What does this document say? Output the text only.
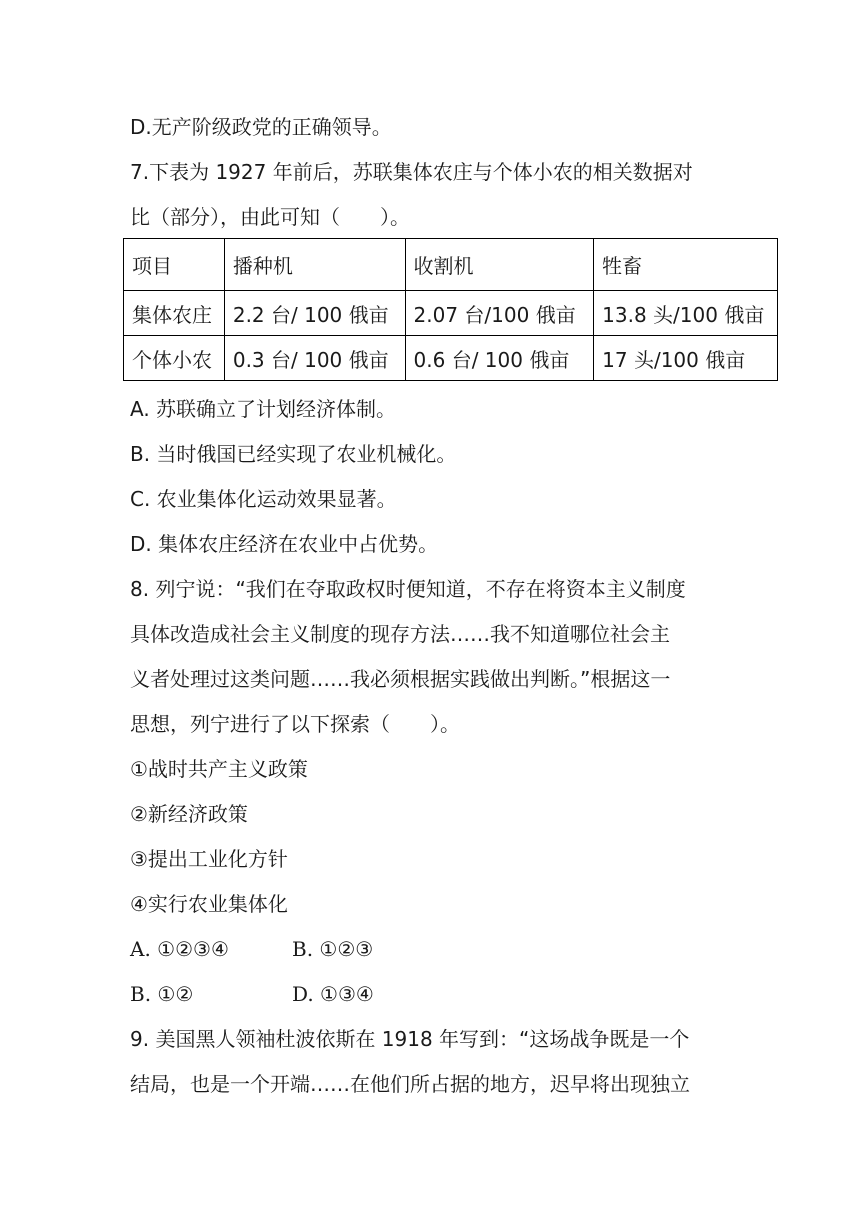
D.无产阶级政党的正确领导。

7.下表为 1927 年前后，苏联集体农庄与个体小农的相关数据对

比（部分），由此可知（　　）。

项目	播种机	收割机	牲畜
集体农庄	2.2 台/ 100 俄亩	2.07 台/100 俄亩	13.8 头/100 俄亩
个体小农	0.3 台/ 100 俄亩	0.6 台/ 100 俄亩	17 头/100 俄亩

A. 苏联确立了计划经济体制。

B. 当时俄国已经实现了农业机械化。

C. 农业集体化运动效果显著。

D. 集体农庄经济在农业中占优势。

8. 列宁说：“我们在夺取政权时便知道，不存在将资本主义制度

具体改造成社会主义制度的现存方法……我不知道哪位社会主

义者处理过这类问题……我必须根据实践做出判断。”根据这一

思想，列宁进行了以下探索（　　）。

①战时共产主义政策

②新经济政策

③提出工业化方针

④实行农业集体化

A. ①②③④	B. ①②③
B. ①②	D. ①③④

9. 美国黑人领袖杜波依斯在 1918 年写到：“这场战争既是一个

结局，也是一个开端……在他们所占据的地方，迟早将出现独立
